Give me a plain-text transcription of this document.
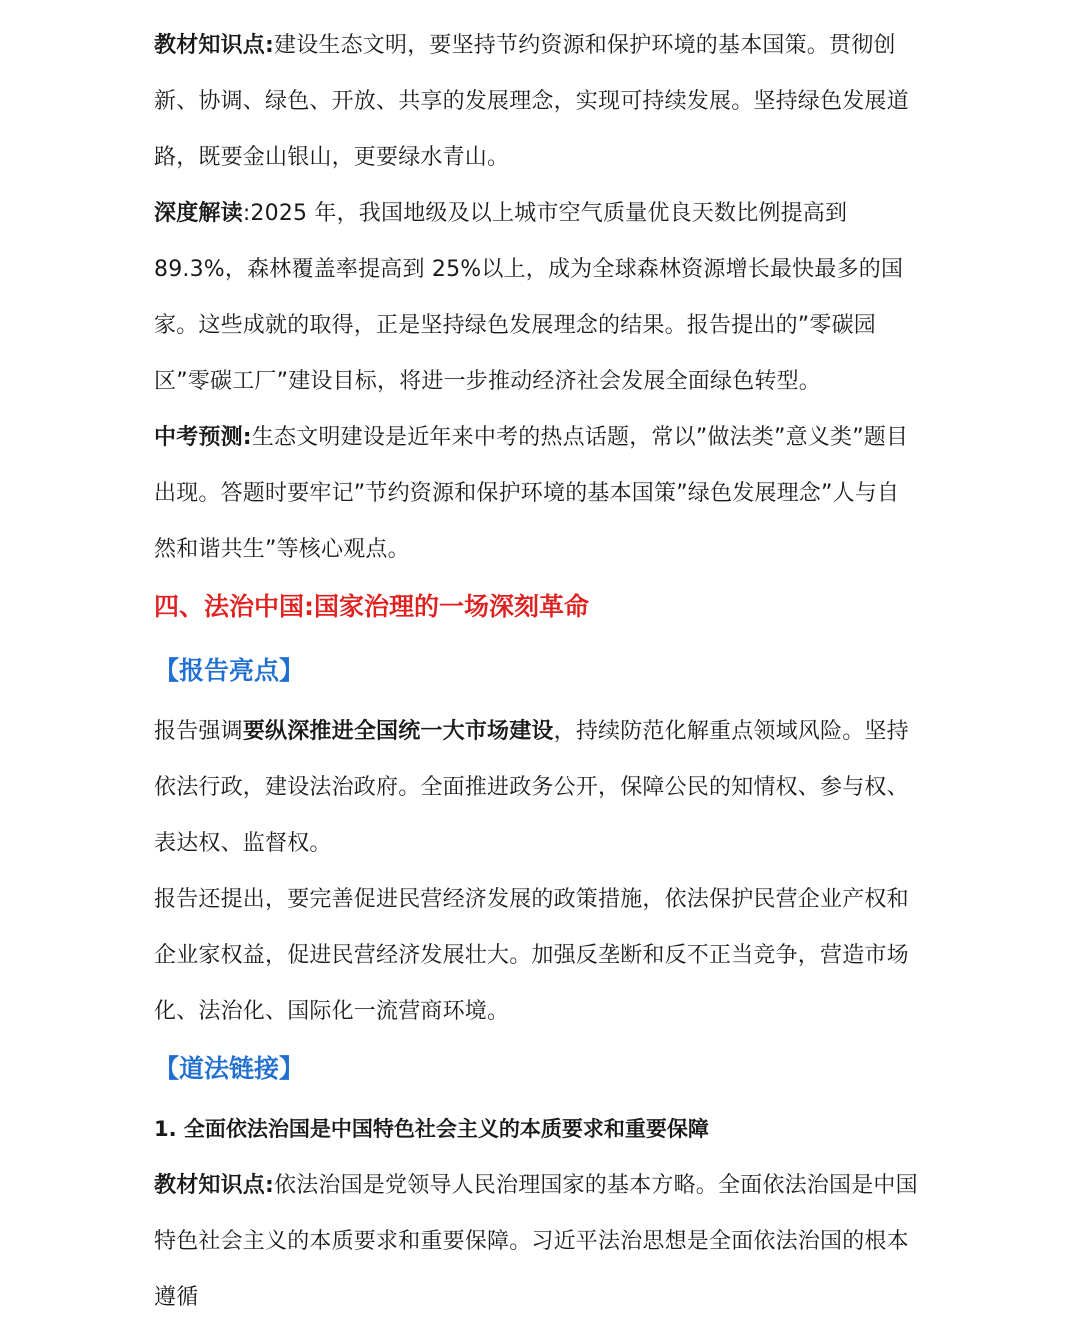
教材知识点:建设生态文明，要坚持节约资源和保护环境的基本国策。贯彻创新、协调、绿色、开放、共享的发展理念，实现可持续发展。坚持绿色发展道路，既要金山银山，更要绿水青山。

深度解读:2025 年，我国地级及以上城市空气质量优良天数比例提高到 89.3%，森林覆盖率提高到 25%以上，成为全球森林资源增长最快最多的国家。这些成就的取得，正是坚持绿色发展理念的结果。报告提出的”零碳园区”零碳工厂”建设目标，将进一步推动经济社会发展全面绿色转型。

中考预测:生态文明建设是近年来中考的热点话题，常以”做法类”意义类”题目出现。答题时要牢记”节约资源和保护环境的基本国策”绿色发展理念”人与自然和谐共生”等核心观点。

四、法治中国:国家治理的一场深刻革命
【报告亮点】

报告强调要纵深推进全国统一大市场建设，持续防范化解重点领域风险。坚持依法行政，建设法治政府。全面推进政务公开，保障公民的知情权、参与权、表达权、监督权。

报告还提出，要完善促进民营经济发展的政策措施，依法保护民营企业产权和企业家权益，促进民营经济发展壮大。加强反垄断和反不正当竞争，营造市场化、法治化、国际化一流营商环境。

【道法链接】

1. 全面依法治国是中国特色社会主义的本质要求和重要保障

教材知识点:依法治国是党领导人民治理国家的基本方略。全面依法治国是中国特色社会主义的本质要求和重要保障。习近平法治思想是全面依法治国的根本遵循
